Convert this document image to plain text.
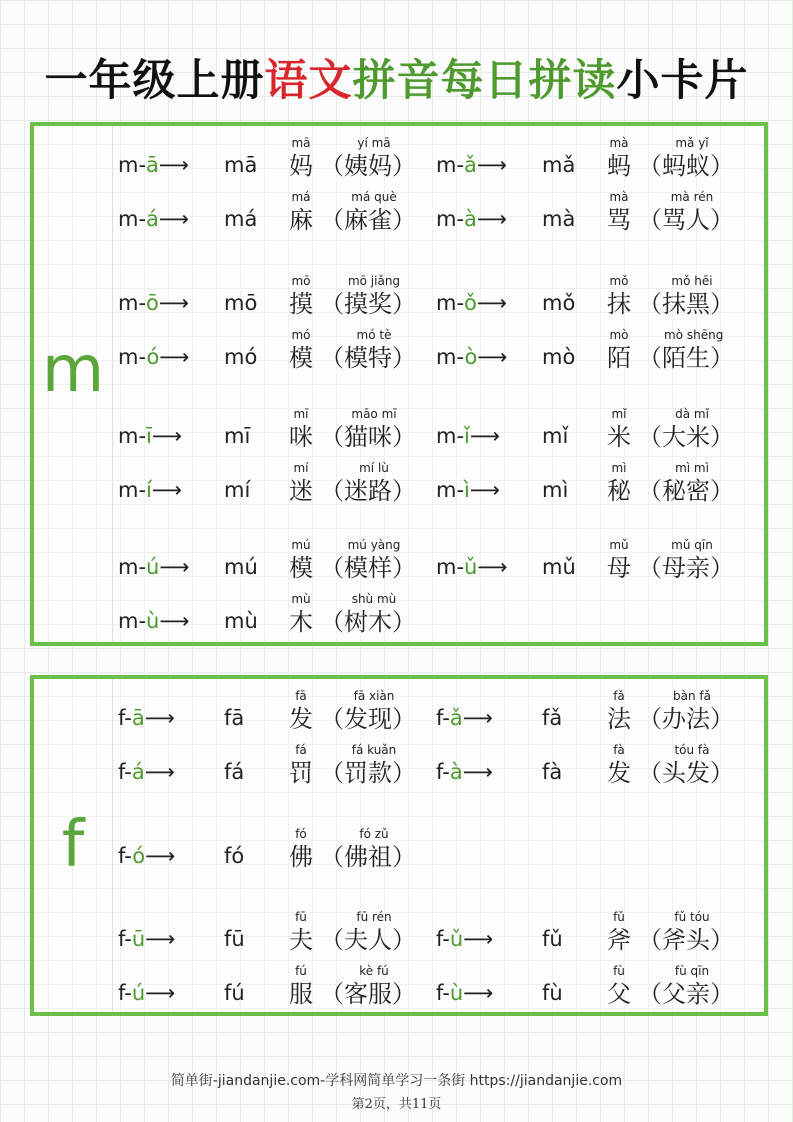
一年级上册语文拼音每日拼读小卡片
m
m-ā⟶ mā
mā
妈
yí mā
（姨妈） m-ǎ⟶ mǎ
mà
蚂
mǎ yǐ
（蚂蚁）
m-á⟶ má
má
麻
má què
（麻雀） m-à⟶ mà
mà
骂
mà rén
（骂人）
m-ō⟶ mō
mō
摸
mō jiǎng
（摸奖） m-ǒ⟶ mǒ
mǒ
抹
mǒ hēi
（抹黑）
m-ó⟶ mó
mó
模
mó tè
（模特） m-ò⟶ mò
mò
陌
mò shēng
（陌生）
m-ī⟶ mī
mī
咪
māo mī
（猫咪） m-ǐ⟶ mǐ
mǐ
米
dà mǐ
（大米）
m-í⟶ mí
mí
迷
mí lù
（迷路） m-ì⟶ mì
mì
秘
mì mì
（秘密）
m-ú⟶ mú
mú
模
mú yàng
（模样） m-ǔ⟶ mǔ
mǔ
母
mǔ qīn
（母亲）
m-ù⟶ mù
mù
木
shù mù
（树木）
f
f-ā⟶ fā
fā
发
fā xiàn
（发现） f-ǎ⟶ fǎ
fǎ
法
bàn fǎ
（办法）
f-á⟶ fá
fá
罚
fá kuǎn
（罚款） f-à⟶ fà
fà
发
tóu fà
（头发）
f-ó⟶ fó
fó
佛
fó zǔ
（佛祖）
f-ū⟶ fū
fū
夫
fū rén
（夫人） f-ǔ⟶ fǔ
fǔ
斧
fǔ tóu
（斧头）
f-ú⟶ fú
fú
服
kè fú
（客服） f-ù⟶ fù
fù
父
fù qīn
（父亲）
简单街-jiandanjie.com-学科网简单学习一条街 https://jiandanjie.com
第2页，共11页
